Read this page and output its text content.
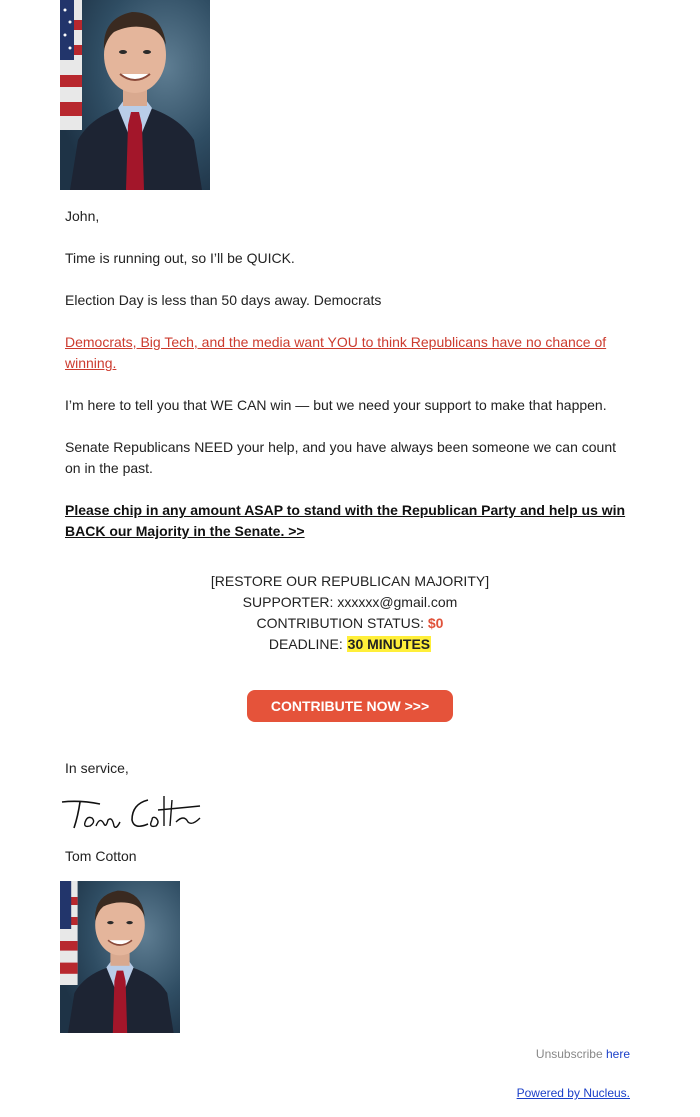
John,

Time is running out, so I’ll be QUICK.

Election Day is less than 50 days away. Democrats

Democrats, Big Tech, and the media want YOU to think Republicans have no chance of winning.

I’m here to tell you that WE CAN win — but we need your support to make that happen.

Senate Republicans NEED your help, and you have always been someone we can count on in the past.

Please chip in any amount ASAP to stand with the Republican Party and help us win BACK our Majority in the Senate. >>

[RESTORE OUR REPUBLICAN MAJORITY]
SUPPORTER: xxxxxx@gmail.com
CONTRIBUTION STATUS: $0
DEADLINE: 30 MINUTES
CONTRIBUTE NOW >>>

In service,

Tom Cotton

Unsubscribe here
Powered by Nucleus.
